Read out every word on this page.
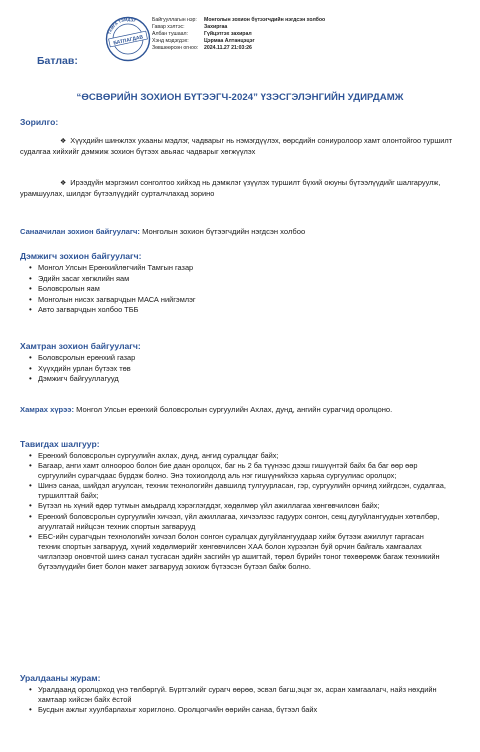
Батлав:
ТАМГА ТЭМДЭГ
БАТЛАГДАВ
Байгууллагын нэр:	Монголын зохион бүтээгчдийн нэгдсэн холбоо
Гавар хэлтэс:	Захиргаа
Албан тушаал:	Гүйцэтгэх захирал
Хэнд мэдэгдэх:	Цэрмаа Алтанцэцэг
Зөвшөөрсөн огноо:	2024.11.27 21:03:26
“ӨСВӨРИЙН ЗОХИОН БҮТЭЭГЧ-2024” ҮЗЭСГЭЛЭНГИЙН УДИРДАМЖ
Зорилго:
❖ Хүүхдийн шинжлэх ухааны мэдлэг, чадварыг нь нэмэгдүүлэх, өөрсдийн сониуролоор хамт олонтойгоо туршилт судалгаа хийхийг дэмжиж зохион бүтээх авьяас чадварыг хөгжүүлэх
❖ Ирээдүйн мэргэжил сонголтоо хийхэд нь дэмжлэг үзүүлэх туршилт бүхий оюуны бүтээлүүдийг шалгаруулж, урамшуулах, шилдэг бүтээлүүдийг сурталчлахад зорино
Санаачилан зохион байгуулагч: Монголын зохион бүтээгчдийн нэгдсэн холбоо
Дэмжигч зохион байгуулагч:
• Монгол Улсын Ерөнхийлөгчийн Тамгын газар
• Эдийн засаг хөгжлийн яам
• Боловсролын яам
• Монголын нисэх загварчдын МАСА нийгэмлэг
• Авто загварчдын холбоо ТББ
Хамтран зохион байгуулагч:
• Боловсролын ерөнхий газар
• Хүүхдийн урлан бүтээх төв
• Дэмжигч байгууллагууд
Хамрах хүрээ: Монгол Улсын ерөнхий боловсролын сургуулийн Ахлах, дунд, ангийн сурагчид оролцоно.
Тавигдах шалгуур:
• Ерөнхий боловсролын сургуулийн ахлах, дунд, ангид суралцдаг байх;
• Багаар, анги хамт олноороо болон бие даан оролцох, баг нь 2 ба түүнээс дээш гишүүнтэй байх ба баг өөр өөр сургуулийн сурагчдаас бүрдэж болно. Энэ тохиолдолд аль нэг гишүүнийхээ харьяа сургуулиас оролцох;
• Шинэ санаа, шийдэл агуулсан, техник технологийн давшилд тулгуурласан, гэр, сургуулийн орчинд хийгдсэн, судалгаа, туршилттай байх;
• Бүтээл нь хүний өдөр тутмын амьдралд хэрэглэгддэг, хөдөлмөр үйл ажиллагаа хөнгөвчилсөн байх;
• Ерөнхий боловсролын сургуулийн хичээл, үйл ажиллагаа, хичээлээс гадуурх сонгон, секц дугуйлангуудын хөтөлбөр, агуулгатай нийцсэн техник спортын загварууд
• ЕБС-ийн сурагчдын технологийн хичээл болон сонгон суралцах дугуйлангуудаар хийж бүтээж ажиллут гаргасан техник спортын загварууд, хүний хөдөлмөрийг хөнгөвчилсөн ХАА болон хүрээлэн буй орчин байгаль хамгаалах чиглэлээр оновчтой шинэ санал тусгасан эдийн засгийн үр ашигтай, төрөл бүрийн тоног төхөөрөмж багаж техникийн бүтээлүүдийн биет болон макет загварууд зохиож бүтээсэн бүтээл байж болно.
Уралдааны журам:
• Уралдаанд оролцоход үнэ төлбөргүй. Бүртгэлийг сурагч өөрөө, эсвэл багш,эцэг эх, асран хамгаалагч, найз нөхдийн хамтаар хийсэн байх ёстой
• Бусдын ажлыг хуулбарлахыг хориглоно. Оролцогчийн өөрийн санаа, бүтээл байх
